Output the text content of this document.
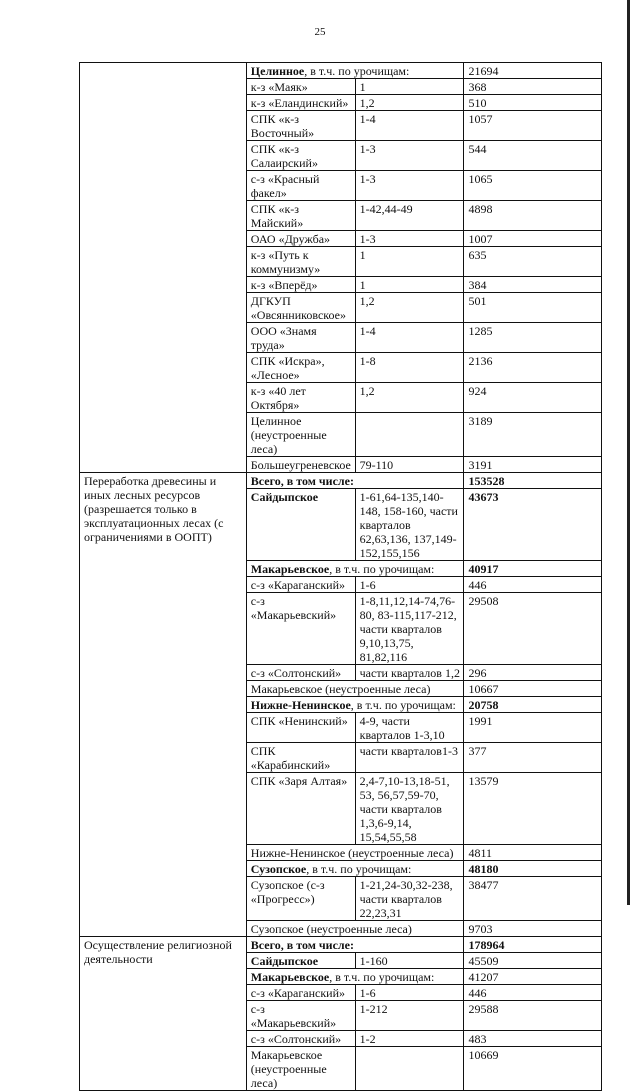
25
	Целинное, в т.ч. по урочищам:		21694
	к-з «Маяк»	1	368
	к-з «Еландинский»	1,2	510
	СПК «к-з Восточный»	1-4	1057
	СПК «к-з Салаирский»	1-3	544
	с-з «Красный факел»	1-3	1065
	СПК «к-з Майский»	1-42,44-49	4898
	ОАО «Дружба»	1-3	1007
	к-з «Путь к коммунизму»	1	635
	к-з «Вперёд»	1	384
	ДГКУП «Овсянниковское»	1,2	501
	ООО «Знамя труда»	1-4	1285
	СПК «Искра», «Лесное»	1-8	2136
	к-з «40 лет Октября»	1,2	924
	Целинное (неустроенные леса)		3189
	Большеугреневское	79-110	3191
Переработка древесины и иных лесных ресурсов (разрешается только в эксплуатационных лесах (с ограничениями в ООПТ)	Всего, в том числе:		153528
	Сайдыпское	1-61,64-135,140-148, 158-160, части кварталов 62,63,136, 137,149-152,155,156	43673
	Макарьевское, в т.ч. по урочищам:		40917
	с-з «Караганский»	1-6	446
	с-з «Макарьевский»	1-8,11,12,14-74,76-80, 83-115,117-212, части кварталов 9,10,13,75, 81,82,116	29508
	с-з «Солтонский»	части кварталов 1,2	296
	Макарьевское (неустроенные леса)		10667
	Нижне-Ненинское, в т.ч. по урочищам:		20758
	СПК «Ненинский»	4-9, части кварталов 1-3,10	1991
	СПК «Карабинский»	части кварталов1-3	377
	СПК «Заря Алтая»	2,4-7,10-13,18-51, 53, 56,57,59-70, части кварталов 1,3,6-9,14, 15,54,55,58	13579
	Нижне-Ненинское (неустроенные леса)		4811
	Сузопское, в т.ч. по урочищам:		48180
	Сузопское (с-з «Прогресс»)	1-21,24-30,32-238, части кварталов 22,23,31	38477
	Сузопское (неустроенные леса)		9703
Осуществление религиозной деятельности	Всего, в том числе:		178964
	Сайдыпское	1-160	45509
	Макарьевское, в т.ч. по урочищам:		41207
	с-з «Караганский»	1-6	446
	с-з «Макарьевский»	1-212	29588
	с-з «Солтонский»	1-2	483
	Макарьевское (неустроенные леса)		10669
